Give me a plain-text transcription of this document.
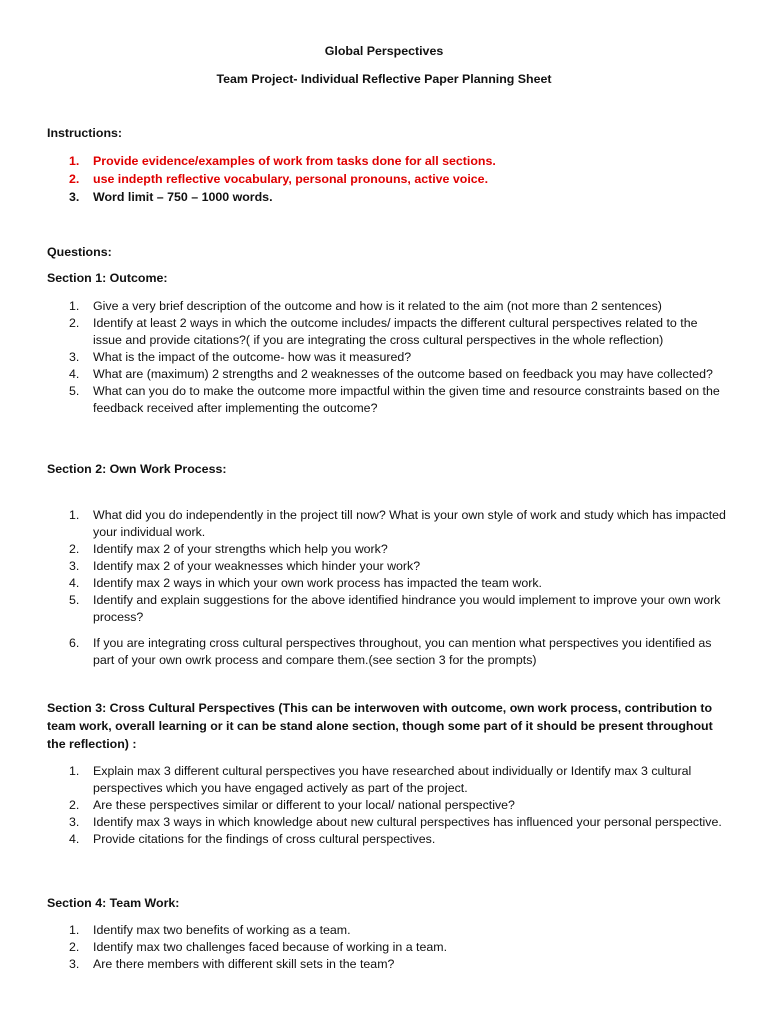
Global Perspectives
Team Project- Individual Reflective Paper Planning Sheet
Instructions:
1. Provide evidence/examples of work from tasks done for all sections.
2. use indepth reflective vocabulary, personal pronouns, active voice.
3. Word limit – 750 – 1000 words.
Questions:
Section 1: Outcome:
1. Give a very brief description of the outcome and how is it related to the aim (not more than 2 sentences)
2. Identify at least 2 ways in which the outcome includes/ impacts the different cultural perspectives related to the issue and provide citations?( if you are integrating the cross cultural perspectives in the whole reflection)
3. What is the impact of the outcome- how was it measured?
4. What are (maximum) 2 strengths and 2 weaknesses of the outcome based on feedback you may have collected?
5. What can you do to make the outcome more impactful within the given time and resource constraints based on the feedback received after implementing the outcome?
Section 2: Own Work Process:
1. What did you do independently in the project till now? What is your own style of work and study which has impacted your individual work.
2. Identify max 2 of your strengths which help you work?
3. Identify max 2 of your weaknesses which hinder your work?
4. Identify max 2 ways in which your own work process has impacted the team work.
5. Identify and explain suggestions for the above identified hindrance you would implement to improve your own work process?
6. If you are integrating cross cultural perspectives throughout, you can mention what perspectives you identified as part of your own owrk process and compare them.(see section 3 for the prompts)
Section 3: Cross Cultural Perspectives (This can be interwoven with outcome, own work process, contribution to team work, overall learning or it can be stand alone section, though some part of it should be present throughout the reflection) :
1. Explain max 3 different cultural perspectives you have researched about individually or Identify max 3 cultural perspectives which you have engaged actively as part of the project.
2. Are these perspectives similar or different to your local/ national perspective?
3. Identify max 3 ways in which knowledge about new cultural perspectives has influenced your personal perspective.
4. Provide citations for the findings of cross cultural perspectives.
Section 4: Team Work:
1. Identify max two benefits of working as a team.
2. Identify max two challenges faced because of working in a team.
3. Are there members with different skill sets in the team?
